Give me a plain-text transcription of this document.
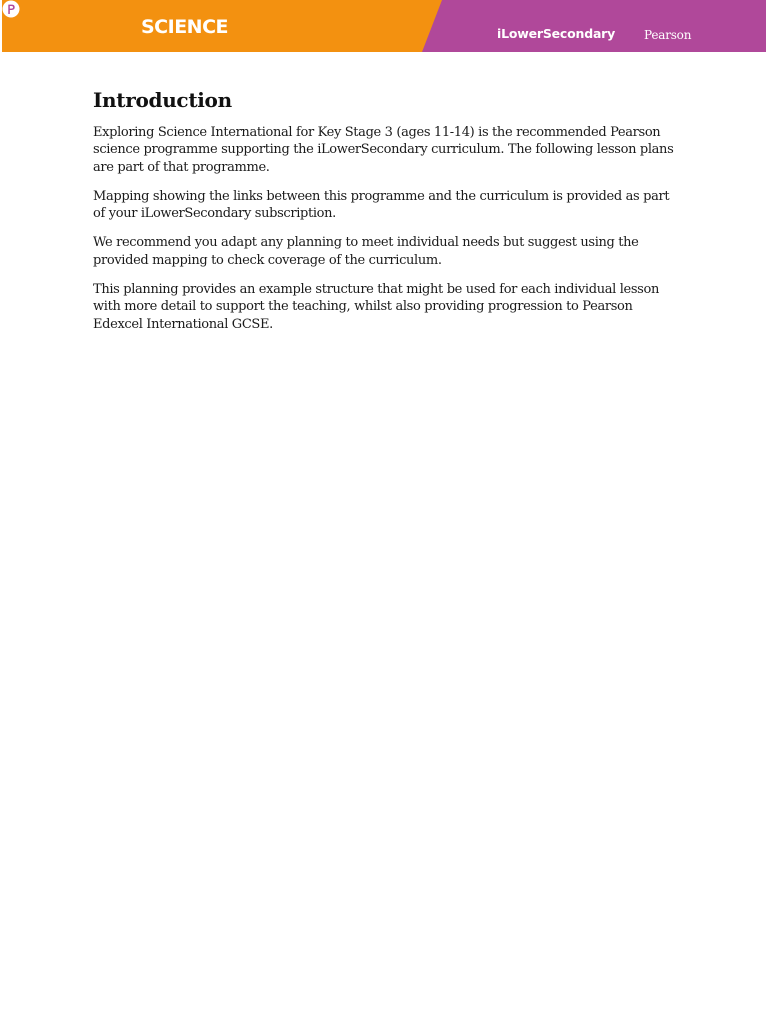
SCIENCE	iLowerSecondary Pearson
Introduction

Exploring Science International for Key Stage 3 (ages 11-14) is the recommended Pearson science programme supporting the iLowerSecondary curriculum. The following lesson plans are part of that programme.

Mapping showing the links between this programme and the curriculum is provided as part of your iLowerSecondary subscription.

We recommend you adapt any planning to meet individual needs but suggest using the provided mapping to check coverage of the curriculum.

This planning provides an example structure that might be used for each individual lesson with more detail to support the teaching, whilst also providing progression to Pearson Edexcel International GCSE.
